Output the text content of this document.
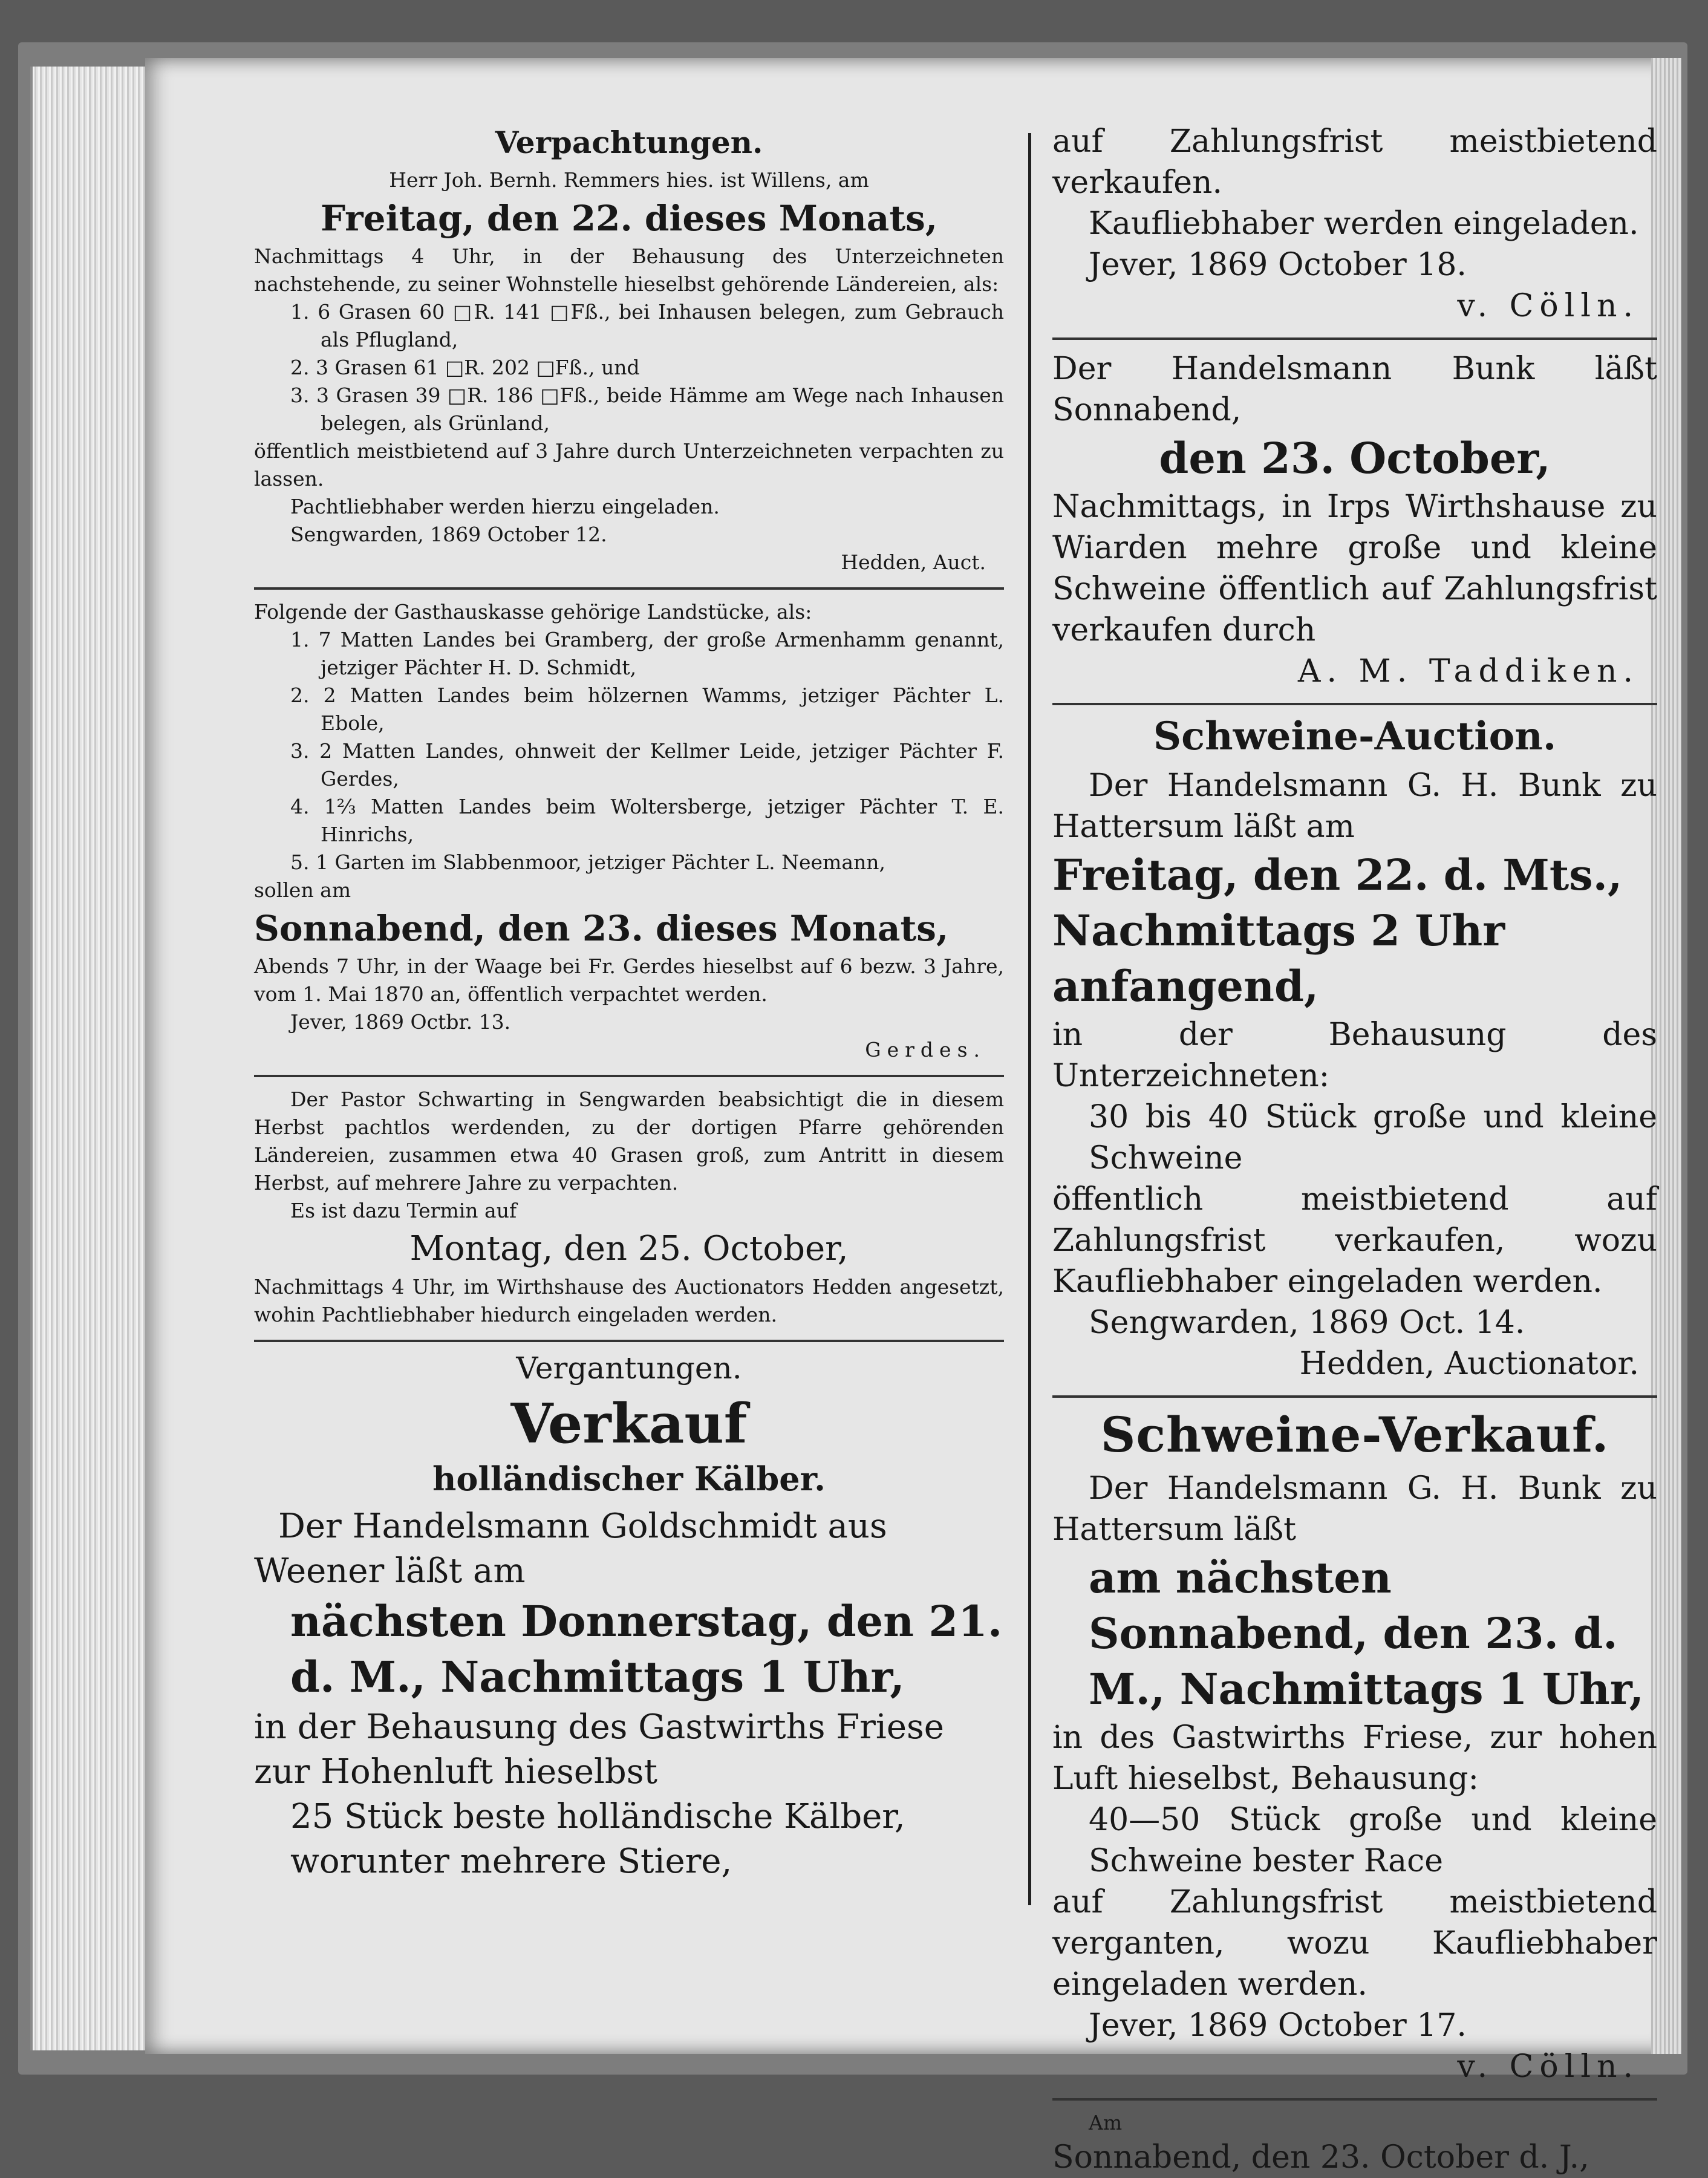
Verpachtungen.

Herr Joh. Bernh. Remmers hies. ist Willens, am

Freitag, den 22. dieses Monats,

Nachmittags 4 Uhr, in der Behausung des Unterzeichneten nachstehende, zu seiner Wohnstelle hieselbst gehörende Ländereien, als:

1. 6 Grasen 60 □R. 141 □Fß., bei Inhausen belegen, zum Gebrauch als Pflugland,

2. 3 Grasen 61 □R. 202 □Fß., und

3. 3 Grasen 39 □R. 186 □Fß., beide Hämme am Wege nach Inhausen belegen, als Grünland,

öffentlich meistbietend auf 3 Jahre durch Unterzeichneten verpachten zu lassen.

Pachtliebhaber werden hierzu eingeladen.

Sengwarden, 1869 October 12.

Hedden, Auct.

Folgende der Gasthauskasse gehörige Landstücke, als:

1. 7 Matten Landes bei Gramberg, der große Armenhamm genannt, jetziger Pächter H. D. Schmidt,

2. 2 Matten Landes beim hölzernen Wamms, jetziger Pächter L. Ebole,

3. 2 Matten Landes, ohnweit der Kellmer Leide, jetziger Pächter F. Gerdes,

4. 1⅔ Matten Landes beim Woltersberge, jetziger Pächter T. E. Hinrichs,

5. 1 Garten im Slabbenmoor, jetziger Pächter L. Neemann,

sollen am

Sonnabend, den 23. dieses Monats,

Abends 7 Uhr, in der Waage bei Fr. Gerdes hieselbst auf 6 bezw. 3 Jahre, vom 1. Mai 1870 an, öffentlich verpachtet werden.

Jever, 1869 Octbr. 13.

Gerdes.

Der Pastor Schwarting in Sengwarden beabsichtigt die in diesem Herbst pachtlos werdenden, zu der dortigen Pfarre gehörenden Ländereien, zusammen etwa 40 Grasen groß, zum Antritt in diesem Herbst, auf mehrere Jahre zu verpachten.

Es ist dazu Termin auf

Montag, den 25. October,

Nachmittags 4 Uhr, im Wirthshause des Auctionators Hedden angesetzt, wohin Pachtliebhaber hiedurch eingeladen werden.

Vergantungen.

Verkauf

holländischer Kälber.

Der Handelsmann Goldschmidt aus Weener läßt am

nächsten Donnerstag, den 21. d. M., Nachmittags 1 Uhr,

in der Behausung des Gastwirths Friese zur Hohenluft hieselbst

25 Stück beste holländische Kälber, worunter mehrere Stiere,

auf Zahlungsfrist meistbietend verkaufen.

Kaufliebhaber werden eingeladen.

Jever, 1869 October 18.

v. Cölln.

Der Handelsmann Bunk läßt Sonnabend,

den 23. October,

Nachmittags, in Irps Wirthshause zu Wiarden mehre große und kleine Schweine öffentlich auf Zahlungsfrist verkaufen durch

A. M. Taddiken.

Schweine-Auction.

Der Handelsmann G. H. Bunk zu Hattersum läßt am

Freitag, den 22. d. Mts., Nachmittags 2 Uhr anfangend,

in der Behausung des Unterzeichneten:

30 bis 40 Stück große und kleine Schweine

öffentlich meistbietend auf Zahlungsfrist verkaufen, wozu Kaufliebhaber eingeladen werden.

Sengwarden, 1869 Oct. 14.

Hedden, Auctionator.

Schweine-Verkauf.

Der Handelsmann G. H. Bunk zu Hattersum läßt

am nächsten Sonnabend, den 23. d. M., Nachmittags 1 Uhr,

in des Gastwirths Friese, zur hohen Luft hieselbst, Behausung:

40—50 Stück große und kleine Schweine bester Race

auf Zahlungsfrist meistbietend verganten, wozu Kaufliebhaber eingeladen werden.

Jever, 1869 October 17.

v. Cölln.

Am

Sonnabend, den 23. October d. J.,
